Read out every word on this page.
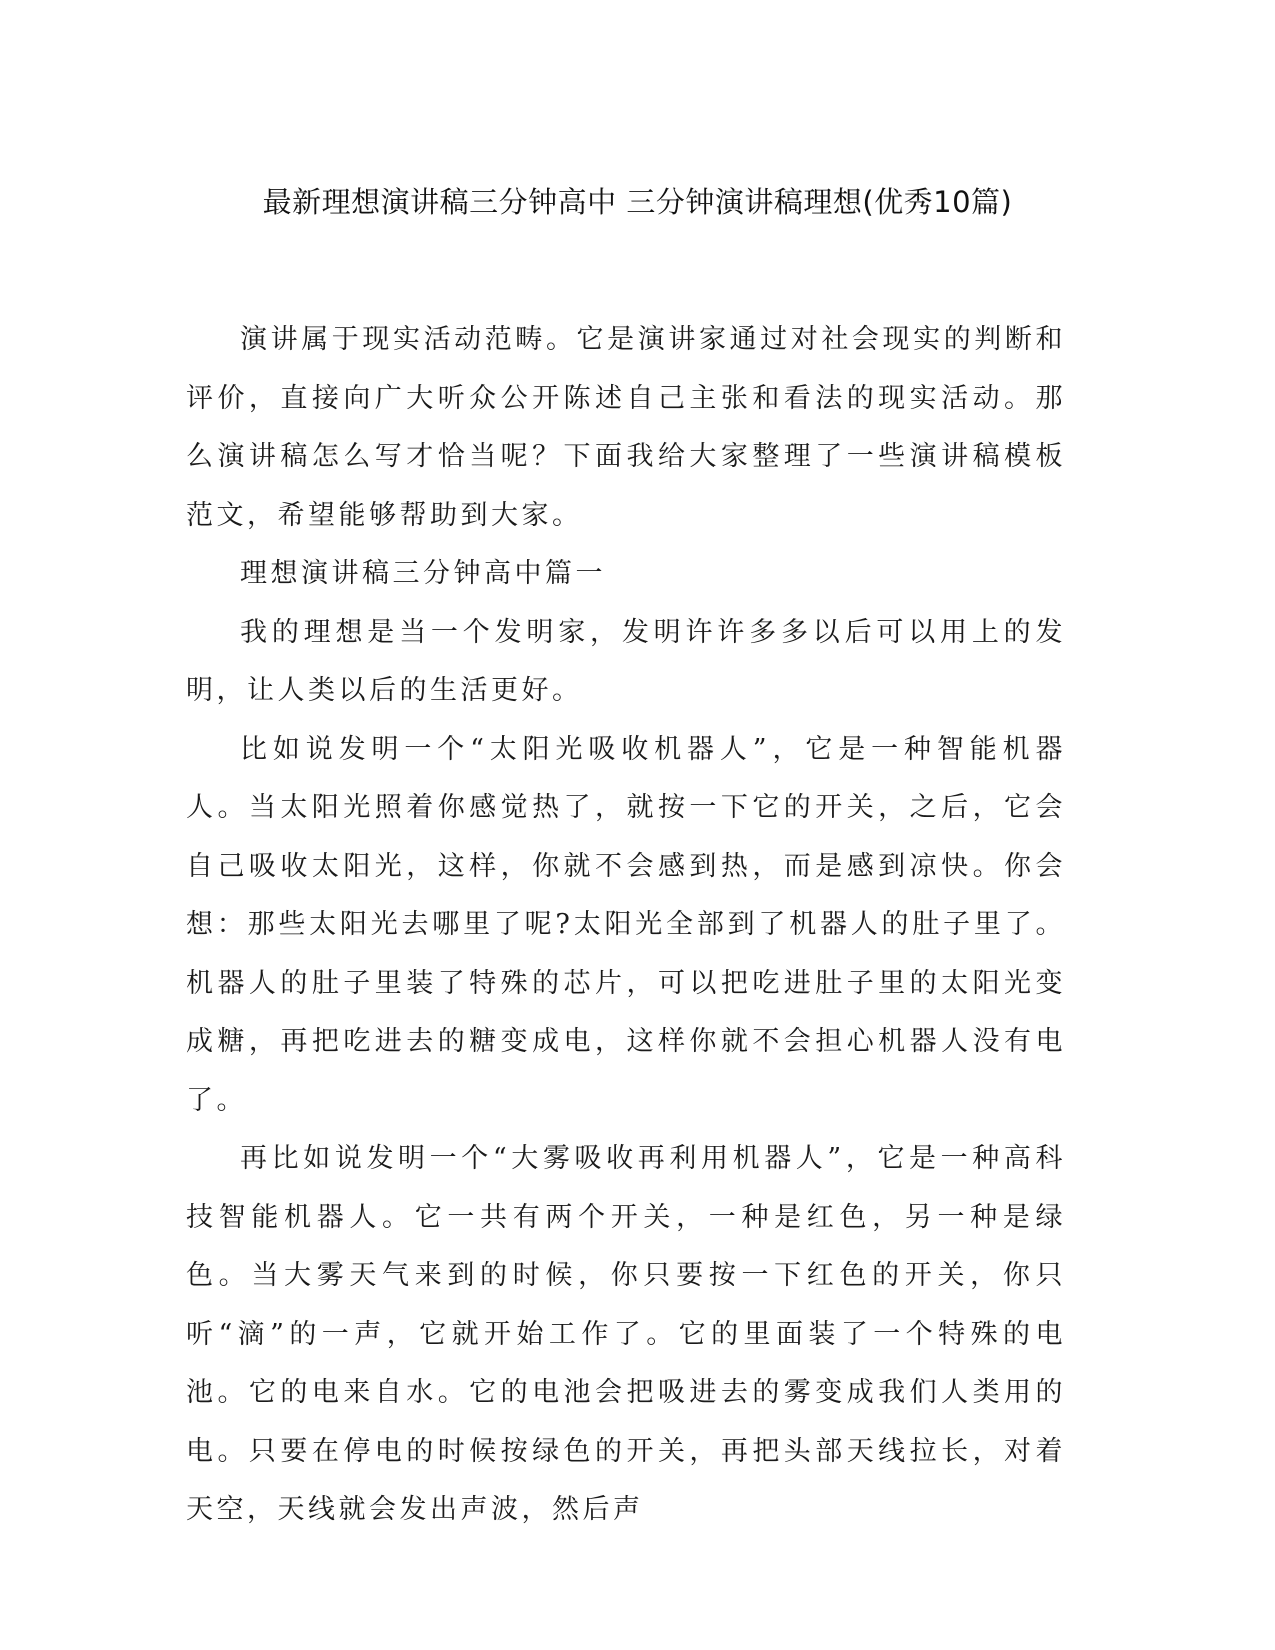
最新理想演讲稿三分钟高中 三分钟演讲稿理想(优秀10篇)

演讲属于现实活动范畴。它是演讲家通过对社会现实的判断和评价，直接向广大听众公开陈述自己主张和看法的现实活动。那么演讲稿怎么写才恰当呢？下面我给大家整理了一些演讲稿模板范文，希望能够帮助到大家。

理想演讲稿三分钟高中篇一

我的理想是当一个发明家，发明许许多多以后可以用上的发明，让人类以后的生活更好。

比如说发明一个“太阳光吸收机器人”，它是一种智能机器人。当太阳光照着你感觉热了，就按一下它的开关，之后，它会自己吸收太阳光，这样，你就不会感到热，而是感到凉快。你会想：那些太阳光去哪里了呢?太阳光全部到了机器人的肚子里了。机器人的肚子里装了特殊的芯片，可以把吃进肚子里的太阳光变成糖，再把吃进去的糖变成电，这样你就不会担心机器人没有电了。

再比如说发明一个“大雾吸收再利用机器人”，它是一种高科技智能机器人。它一共有两个开关，一种是红色，另一种是绿色。当大雾天气来到的时候，你只要按一下红色的开关，你只听“滴”的一声，它就开始工作了。它的里面装了一个特殊的电池。它的电来自水。它的电池会把吸进去的雾变成我们人类用的电。只要在停电的时候按绿色的开关，再把头部天线拉长，对着天空，天线就会发出声波，然后声
